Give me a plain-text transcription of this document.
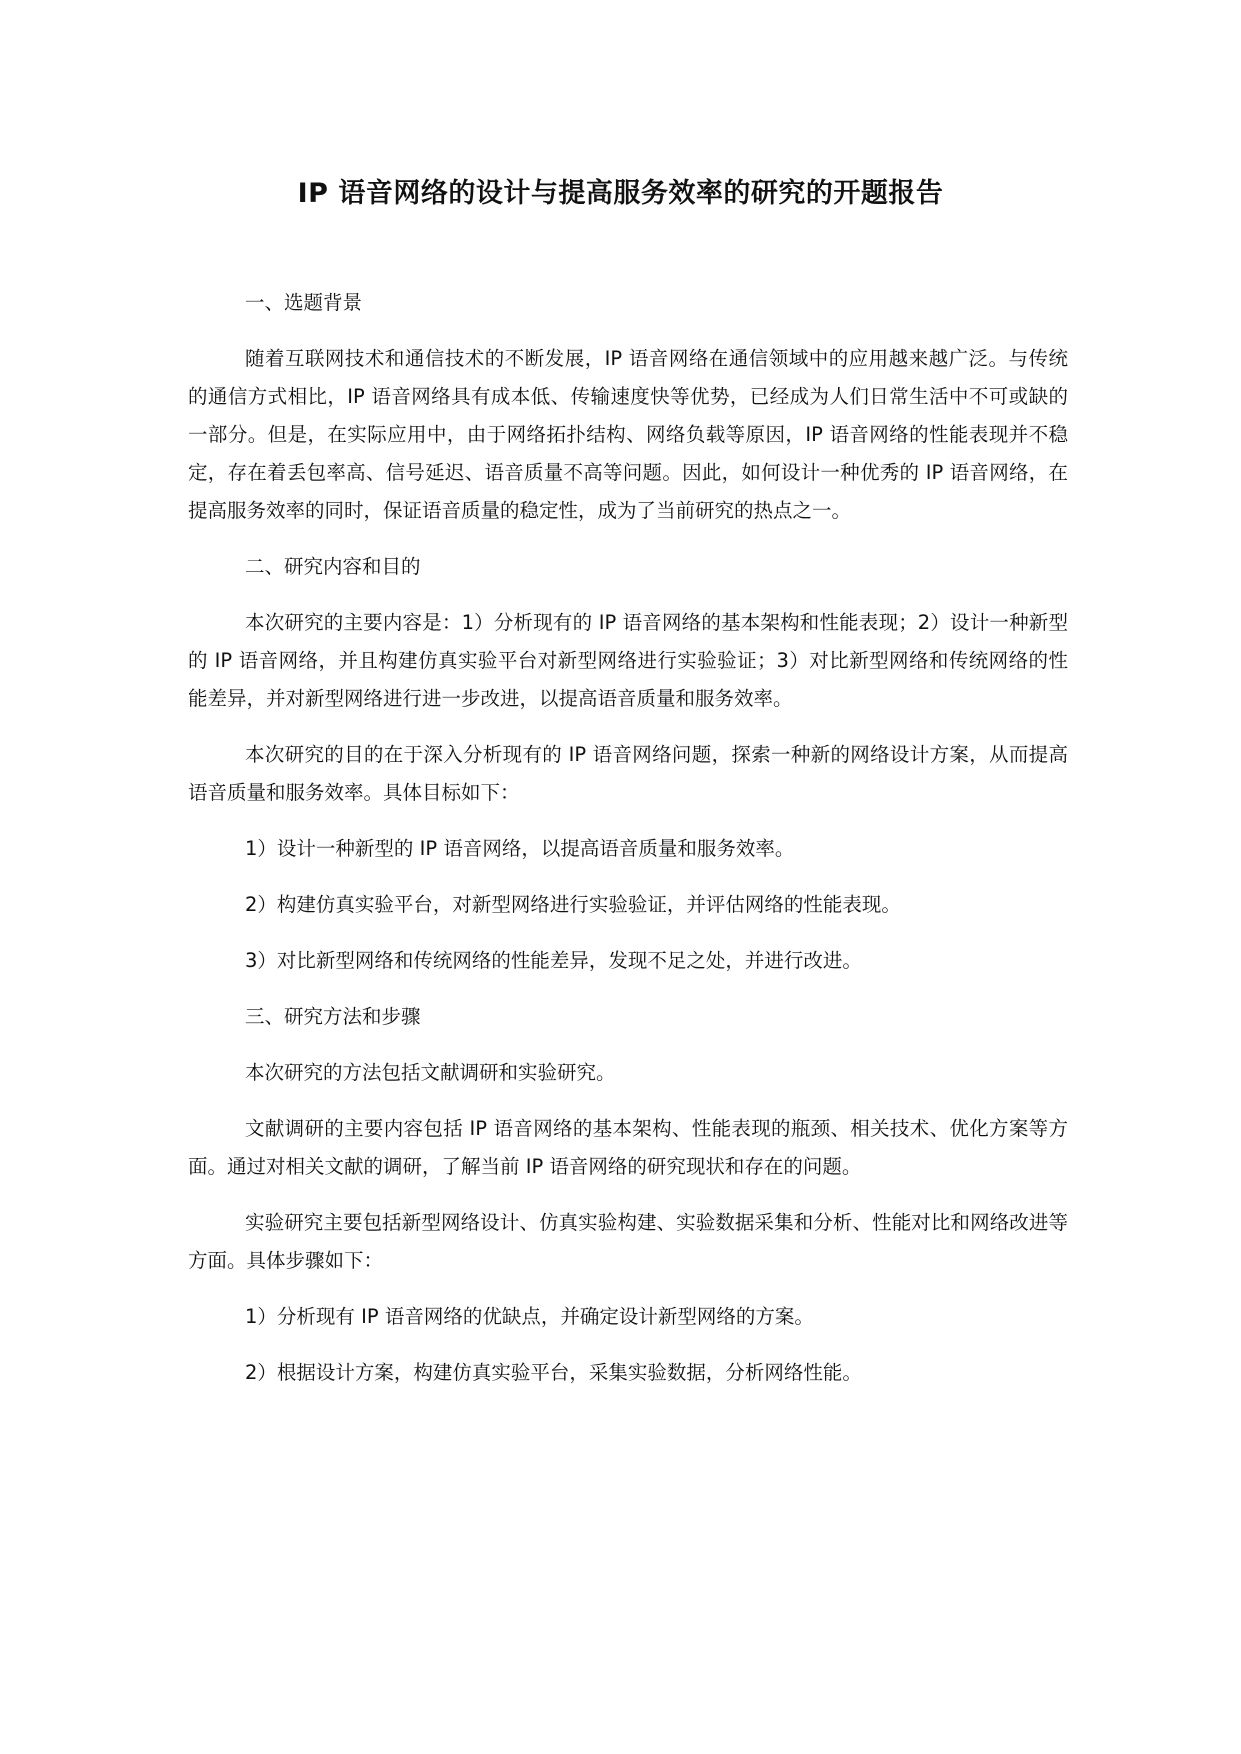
IP 语音网络的设计与提高服务效率的研究的开题报告
一、选题背景

随着互联网技术和通信技术的不断发展，IP 语音网络在通信领域中的应用越来越广泛。与传统的通信方式相比，IP 语音网络具有成本低、传输速度快等优势，已经成为人们日常生活中不可或缺的一部分。但是，在实际应用中，由于网络拓扑结构、网络负载等原因，IP 语音网络的性能表现并不稳定，存在着丢包率高、信号延迟、语音质量不高等问题。因此，如何设计一种优秀的 IP 语音网络，在提高服务效率的同时，保证语音质量的稳定性，成为了当前研究的热点之一。

二、研究内容和目的

本次研究的主要内容是：1）分析现有的 IP 语音网络的基本架构和性能表现；2）设计一种新型的 IP 语音网络，并且构建仿真实验平台对新型网络进行实验验证；3）对比新型网络和传统网络的性能差异，并对新型网络进行进一步改进，以提高语音质量和服务效率。

本次研究的目的在于深入分析现有的 IP 语音网络问题，探索一种新的网络设计方案，从而提高语音质量和服务效率。具体目标如下：

1）设计一种新型的 IP 语音网络，以提高语音质量和服务效率。
2）构建仿真实验平台，对新型网络进行实验验证，并评估网络的性能表现。
3）对比新型网络和传统网络的性能差异，发现不足之处，并进行改进。
三、研究方法和步骤

本次研究的方法包括文献调研和实验研究。

文献调研的主要内容包括 IP 语音网络的基本架构、性能表现的瓶颈、相关技术、优化方案等方面。通过对相关文献的调研，了解当前 IP 语音网络的研究现状和存在的问题。

实验研究主要包括新型网络设计、仿真实验构建、实验数据采集和分析、性能对比和网络改进等方面。具体步骤如下：

1）分析现有 IP 语音网络的优缺点，并确定设计新型网络的方案。
2）根据设计方案，构建仿真实验平台，采集实验数据，分析网络性能。
